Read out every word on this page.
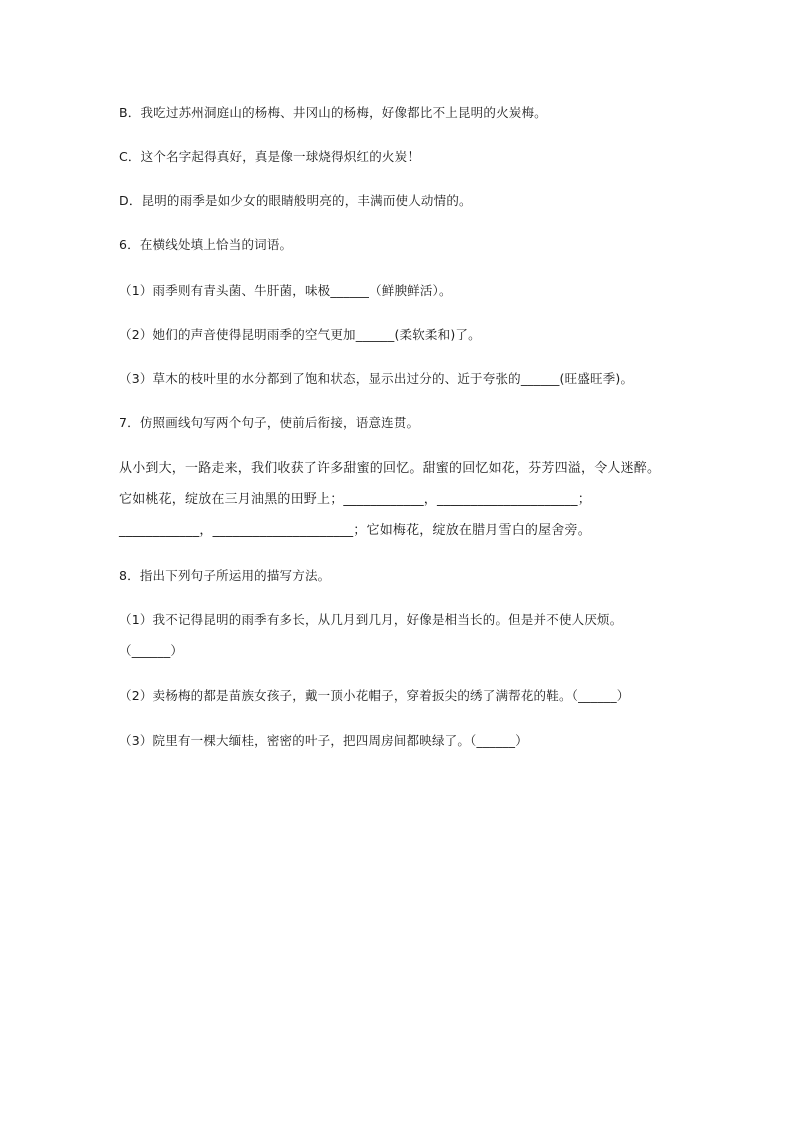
B．我吃过苏州洞庭山的杨梅、井冈山的杨梅，好像都比不上昆明的火炭梅。
C．这个名字起得真好，真是像一球烧得炽红的火炭！
D．昆明的雨季是如少女的眼睛般明亮的，丰满而使人动情的。
6．在横线处填上恰当的词语。
（1）雨季则有青头菌、牛肝菌，味极______（鲜腴鲜活）。
（2）她们的声音使得昆明雨季的空气更加______(柔软柔和)了。
（3）草木的枝叶里的水分都到了饱和状态，显示出过分的、近于夸张的______(旺盛旺季)。
7．仿照画线句写两个句子，使前后衔接，语意连贯。
从小到大，一路走来，我们收获了许多甜蜜的回忆。甜蜜的回忆如花，芬芳四溢，令人迷醉。
它如桃花，绽放在三月油黑的田野上；____________，_____________________；
____________，_____________________；它如梅花，绽放在腊月雪白的屋舍旁。
8．指出下列句子所运用的描写方法。
（1）我不记得昆明的雨季有多长，从几月到几月，好像是相当长的。但是并不使人厌烦。
（______）
（2）卖杨梅的都是苗族女孩子，戴一顶小花帽子，穿着扳尖的绣了满帮花的鞋。（______）
（3）院里有一棵大缅桂，密密的叶子，把四周房间都映绿了。（______）
